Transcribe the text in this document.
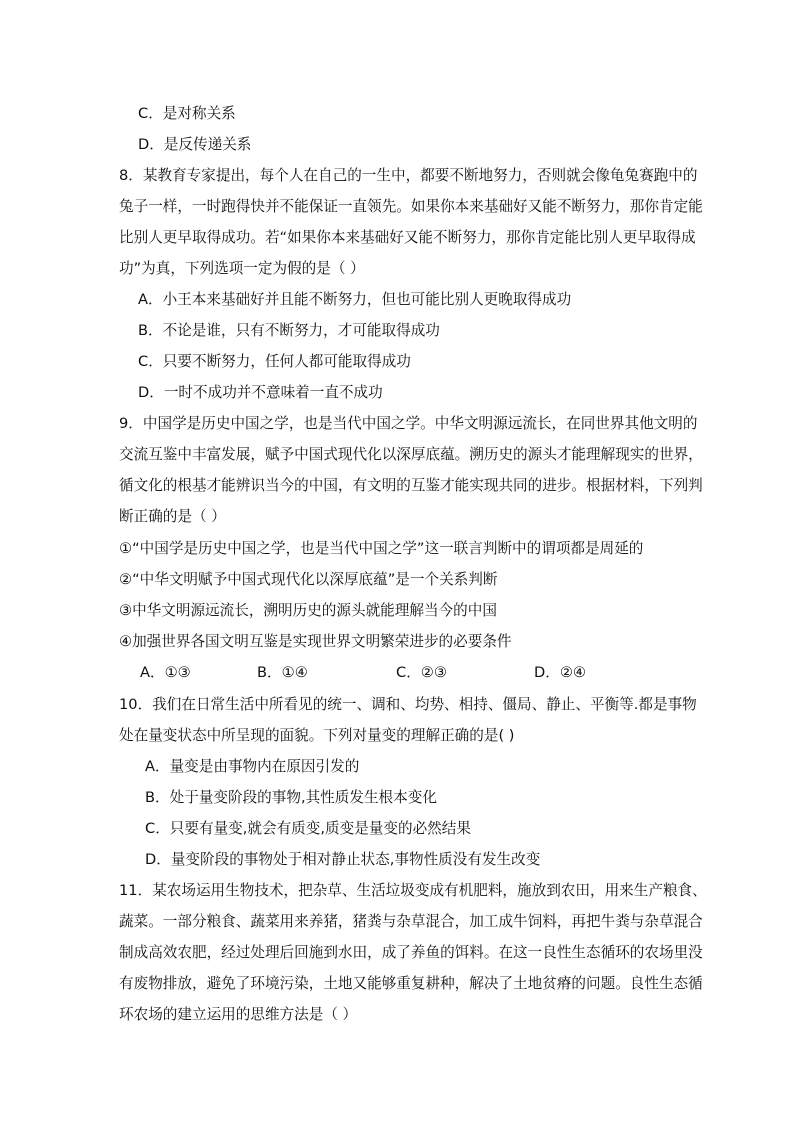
C．是对称关系
D．是反传递关系
8．某教育专家提出，每个人在自己的一生中，都要不断地努力，否则就会像龟兔赛跑中的
兔子一样，一时跑得快并不能保证一直领先。如果你本来基础好又能不断努力，那你肯定能
比别人更早取得成功。若“如果你本来基础好又能不断努力，那你肯定能比别人更早取得成
功”为真，下列选项一定为假的是（ ）
A．小王本来基础好并且能不断努力，但也可能比别人更晚取得成功
B．不论是谁，只有不断努力，才可能取得成功
C．只要不断努力，任何人都可能取得成功
D．一时不成功并不意味着一直不成功
9．中国学是历史中国之学，也是当代中国之学。中华文明源远流长，在同世界其他文明的
交流互鉴中丰富发展，赋予中国式现代化以深厚底蕴。溯历史的源头才能理解现实的世界，
循文化的根基才能辨识当今的中国，有文明的互鉴才能实现共同的进步。根据材料，下列判
断正确的是（ ）
①“中国学是历史中国之学，也是当代中国之学”这一联言判断中的谓项都是周延的
②“中华文明赋予中国式现代化以深厚底蕴”是一个关系判断
③中华文明源远流长，溯明历史的源头就能理解当今的中国
④加强世界各国文明互鉴是实现世界文明繁荣进步的必要条件
A．①③	B．①④	C．②③	D．②④
10．我们在日常生活中所看见的统一、调和、均势、相持、僵局、静止、平衡等.都是事物
处在量变状态中所呈现的面貌。下列对量变的理解正确的是( )
A．量变是由事物内在原因引发的
B．处于量变阶段的事物,其性质发生根本变化
C．只要有量变,就会有质变,质变是量变的必然结果
D．量变阶段的事物处于相对静止状态,事物性质没有发生改变
11．某农场运用生物技术，把杂草、生活垃圾变成有机肥料，施放到农田，用来生产粮食、
蔬菜。一部分粮食、蔬菜用来养猪，猪粪与杂草混合，加工成牛饲料，再把牛粪与杂草混合
制成高效农肥，经过处理后回施到水田，成了养鱼的饵料。在这一良性生态循环的农场里没
有废物排放，避免了环境污染，土地又能够重复耕种，解决了土地贫瘠的问题。良性生态循
环农场的建立运用的思维方法是（ ）
